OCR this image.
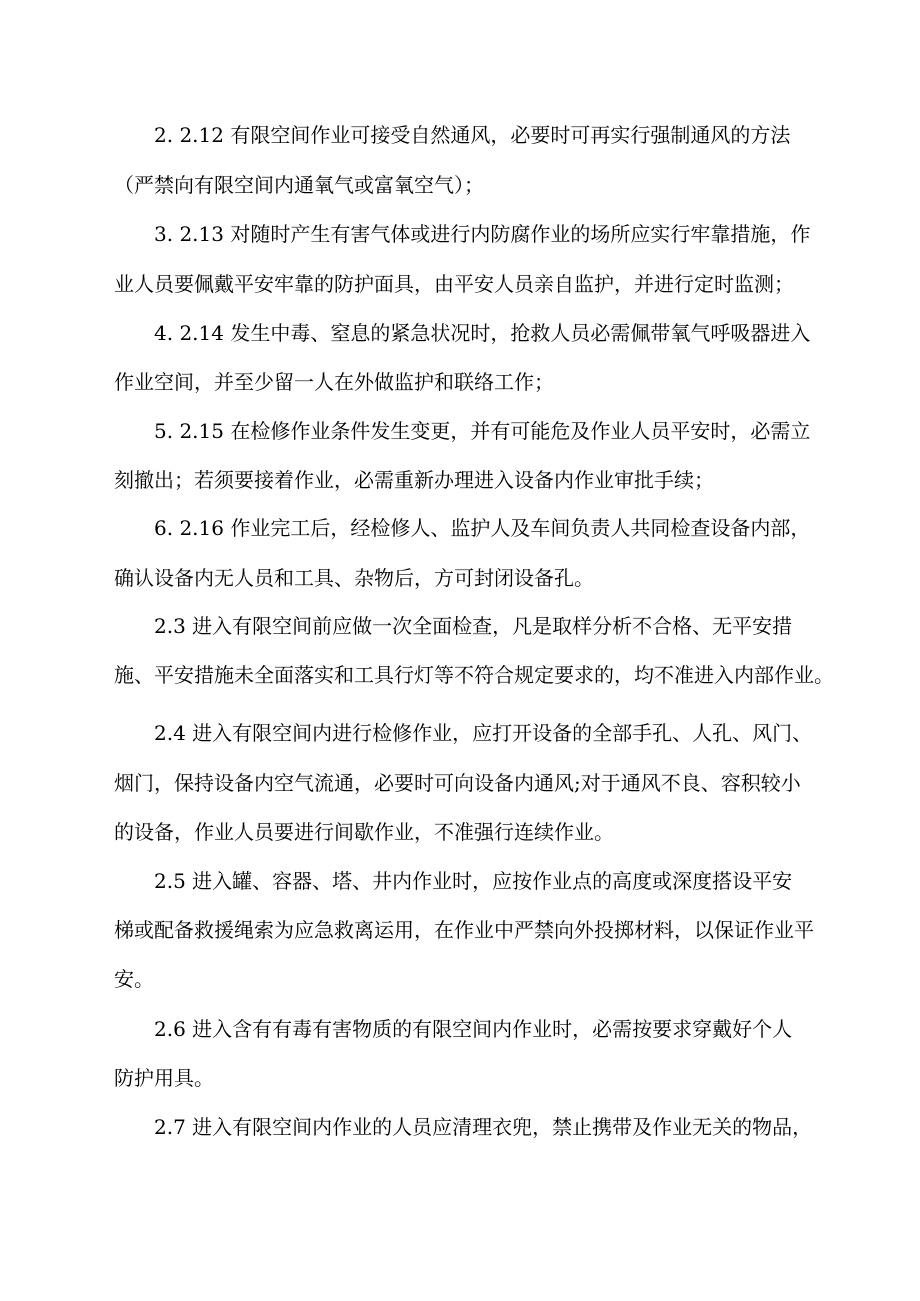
2. 2.12 有限空间作业可接受自然通风，必要时可再实行强制通风的方法
（严禁向有限空间内通氧气或富氧空气）；
3. 2.13 对随时产生有害气体或进行内防腐作业的场所应实行牢靠措施，作
业人员要佩戴平安牢靠的防护面具，由平安人员亲自监护，并进行定时监测；
4. 2.14 发生中毒、窒息的紧急状况时，抢救人员必需佩带氧气呼吸器进入
作业空间，并至少留一人在外做监护和联络工作；
5. 2.15 在检修作业条件发生变更，并有可能危及作业人员平安时，必需立
刻撤出；若须要接着作业，必需重新办理进入设备内作业审批手续；
6. 2.16 作业完工后，经检修人、监护人及车间负责人共同检查设备内部，
确认设备内无人员和工具、杂物后，方可封闭设备孔。
2.3 进入有限空间前应做一次全面检查，凡是取样分析不合格、无平安措
施、平安措施未全面落实和工具行灯等不符合规定要求的，均不准进入内部作业。
2.4 进入有限空间内进行检修作业，应打开设备的全部手孔、人孔、风门、
烟门，保持设备内空气流通，必要时可向设备内通风;对于通风不良、容积较小
的设备，作业人员要进行间歇作业，不准强行连续作业。
2.5 进入罐、容器、塔、井内作业时，应按作业点的高度或深度搭设平安
梯或配备救援绳索为应急救离运用，在作业中严禁向外投掷材料，以保证作业平
安。
2.6 进入含有有毒有害物质的有限空间内作业时，必需按要求穿戴好个人
防护用具。
2.7 进入有限空间内作业的人员应清理衣兜，禁止携带及作业无关的物品，
